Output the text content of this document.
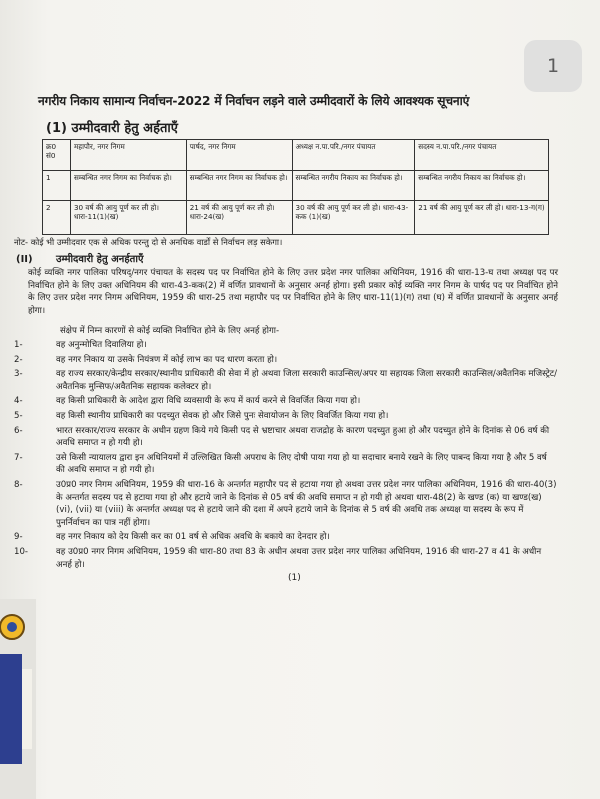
1
नगरीय निकाय सामान्य निर्वाचन-2022 में निर्वाचन लड़ने वाले उम्मीदवारों के लिये आवश्यक सूचनाएं
(1) उम्मीदवारी हेतु अर्हताएँ
क्र0 सं0	महापौर, नगर निगम	पार्षद, नगर निगम	अध्यक्ष न.पा.परि./नगर पंचायत	सदस्य न.पा.परि./नगर पंचायत
1	सम्बन्धित नगर निगम का निर्वाचक हो।	सम्बन्धित नगर निगम का निर्वाचक हो।	सम्बन्धित नगरीय निकाय का निर्वाचक हो।	सम्बन्धित नगरीय निकाय का निर्वाचक हो।
2	30 वर्ष की आयु पूर्ण कर ली हो। धारा-11(1)(ख)	21 वर्ष की आयु पूर्ण कर ली हो। धारा-24(ख)	30 वर्ष की आयु पूर्ण कर ली हो। धारा-43-कक (1)(ख)	21 वर्ष की आयु पूर्ण कर ली हो। धारा-13-ग(ग)
नोट- कोई भी उम्मीदवार एक से अधिक परन्तु दो से अनधिक वार्डों से निर्वाचन लड़ सकेगा।
(II) उम्मीदवारी हेतु अनर्हताएँ
कोई व्यक्ति नगर पालिका परिषद्/नगर पंचायत के सदस्य पद पर निर्वाचित होने के लिए उत्तर प्रदेश नगर पालिका अधिनियम, 1916 की धारा-13-घ तथा अध्यक्ष पद पर निर्वाचित होने के लिए उक्त अधिनियम की धारा-43-कक(2) में वर्णित प्रावधानों के अनुसार अनर्ह होगा। इसी प्रकार कोई व्यक्ति नगर निगम के पार्षद पद पर निर्वाचित होने के लिए उत्तर प्रदेश नगर निगम अधिनियम, 1959 की धारा-25 तथा महापौर पद पर निर्वाचित होने के लिए धारा-11(1)(ग) तथा (घ) में वर्णित प्रावधानों के अनुसार अनर्ह होगा।
संक्षेप में निम्न कारणों से कोई व्यक्ति निर्वाचित होने के लिए अनर्ह होगा-
1-	वह अनुन्मोचित दिवालिया हो।
2-	वह नगर निकाय या उसके नियंत्रण में कोई लाभ का पद धारण करता हो।
3-	वह राज्य सरकार/केन्द्रीय सरकार/स्थानीय प्राधिकारी की सेवा में हो अथवा जिला सरकारी काउन्सिल/अपर या सहायक जिला सरकारी काउन्सिल/अवैतनिक मजिस्ट्रेट/अवैतनिक मुन्सिफ/अवैतनिक सहायक कलेक्टर हो।
4-	वह किसी प्राधिकारी के आदेश द्वारा विधि व्यवसायी के रूप में कार्य करने से विवर्जित किया गया हो।
5-	वह किसी स्थानीय प्राधिकारी का पदच्युत सेवक हो और जिसे पुनः सेवायोजन के लिए विवर्जित किया गया हो।
6-	भारत सरकार/राज्य सरकार के अधीन ग्रहण किये गये किसी पद से भ्रष्टाचार अथवा राजद्रोह के कारण पदच्युत हुआ हो और पदच्युत होने के दिनांक से 06 वर्ष की अवधि समाप्त न हो गयी हो।
7-	उसे किसी न्यायालय द्वारा इन अधिनियमों में उल्लिखित किसी अपराध के लिए दोषी पाया गया हो या सदाचार बनाये रखने के लिए पाबन्द किया गया है और 5 वर्ष की अवधि समाप्त न हो गयी हो।
8-	उ0प्र0 नगर निगम अधिनियम, 1959 की धारा-16 के अन्तर्गत महापौर पद से हटाया गया हो अथवा उत्तर प्रदेश नगर पालिका अधिनियम, 1916 की धारा-40(3) के अन्तर्गत सदस्य पद से हटाया गया हो और हटाये जाने के दिनांक से 05 वर्ष की अवधि समाप्त न हो गयी हो अथवा धारा-48(2) के खण्ड (क) या खण्ड(ख) (vi), (vii) या (viii) के अन्तर्गत अध्यक्ष पद से हटाये जाने की दशा में अपने हटाये जाने के दिनांक से 5 वर्ष की अवधि तक अध्यक्ष या सदस्य के रूप में पुनर्निर्वाचन का पात्र नहीं होगा।
9-	वह नगर निकाय को देय किसी कर का 01 वर्ष से अधिक अवधि के बकाये का देनदार हो।
10-	वह उ0प्र0 नगर निगम अधिनियम, 1959 की धारा-80 तथा 83 के अधीन अथवा उत्तर प्रदेश नगर पालिका अधिनियम, 1916 की धारा-27 व 41 के अधीन अनर्ह हो।
(1)
